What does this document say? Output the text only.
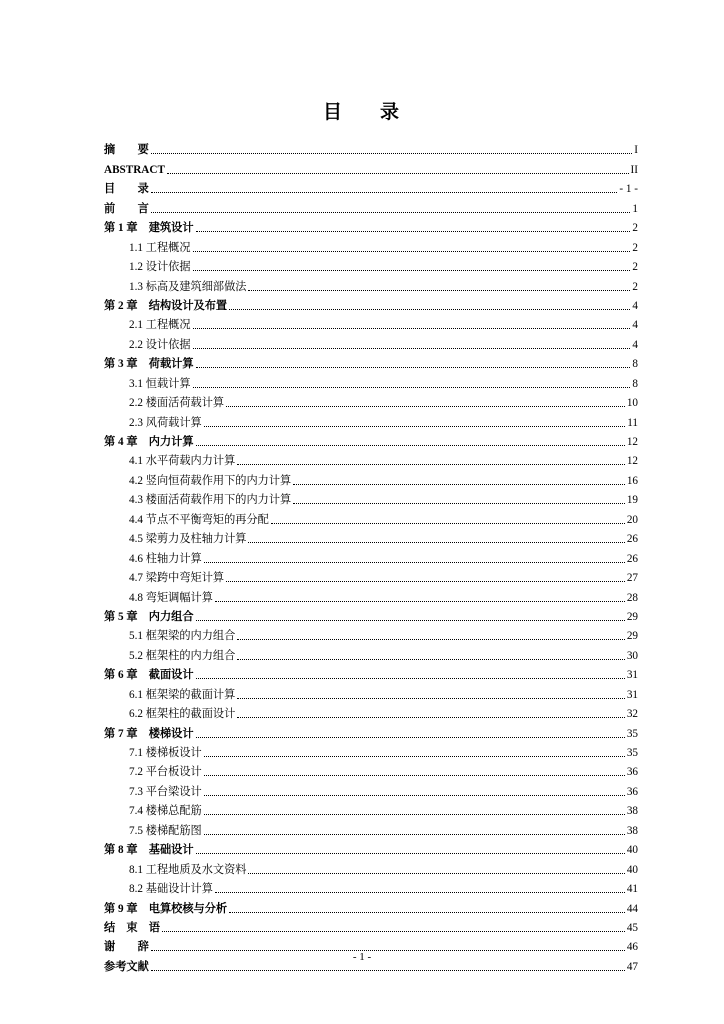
目 录
摘　　要	I
ABSTRACT	II
目　　录	- 1 -
前　　言	1
第 1 章　建筑设计	2
1.1 工程概况	2
1.2 设计依据	2
1.3 标高及建筑细部做法	2
第 2 章　结构设计及布置	4
2.1 工程概况	4
2.2 设计依据	4
第 3 章　荷载计算	8
3.1 恒载计算	8
2.2 楼面活荷载计算	10
2.3 风荷载计算	11
第 4 章　内力计算	12
4.1 水平荷载内力计算	12
4.2 竖向恒荷载作用下的内力计算	16
4.3 楼面活荷载作用下的内力计算	19
4.4 节点不平衡弯矩的再分配	20
4.5 梁剪力及柱轴力计算	26
4.6 柱轴力计算	26
4.7 梁跨中弯矩计算	27
4.8 弯矩调幅计算	28
第 5 章　内力组合	29
5.1 框架梁的内力组合	29
5.2 框架柱的内力组合	30
第 6 章　截面设计	31
6.1 框架梁的截面计算	31
6.2 框架柱的截面设计	32
第 7 章　楼梯设计	35
7.1 楼梯板设计	35
7.2 平台板设计	36
7.3 平台梁设计	36
7.4 楼梯总配筋	38
7.5 楼梯配筋图	38
第 8 章　基础设计	40
8.1 工程地质及水文资料	40
8.2 基础设计计算	41
第 9 章　电算校核与分析	44
结　束　语	45
谢　　辞	46
参考文献	47
- 1 -
